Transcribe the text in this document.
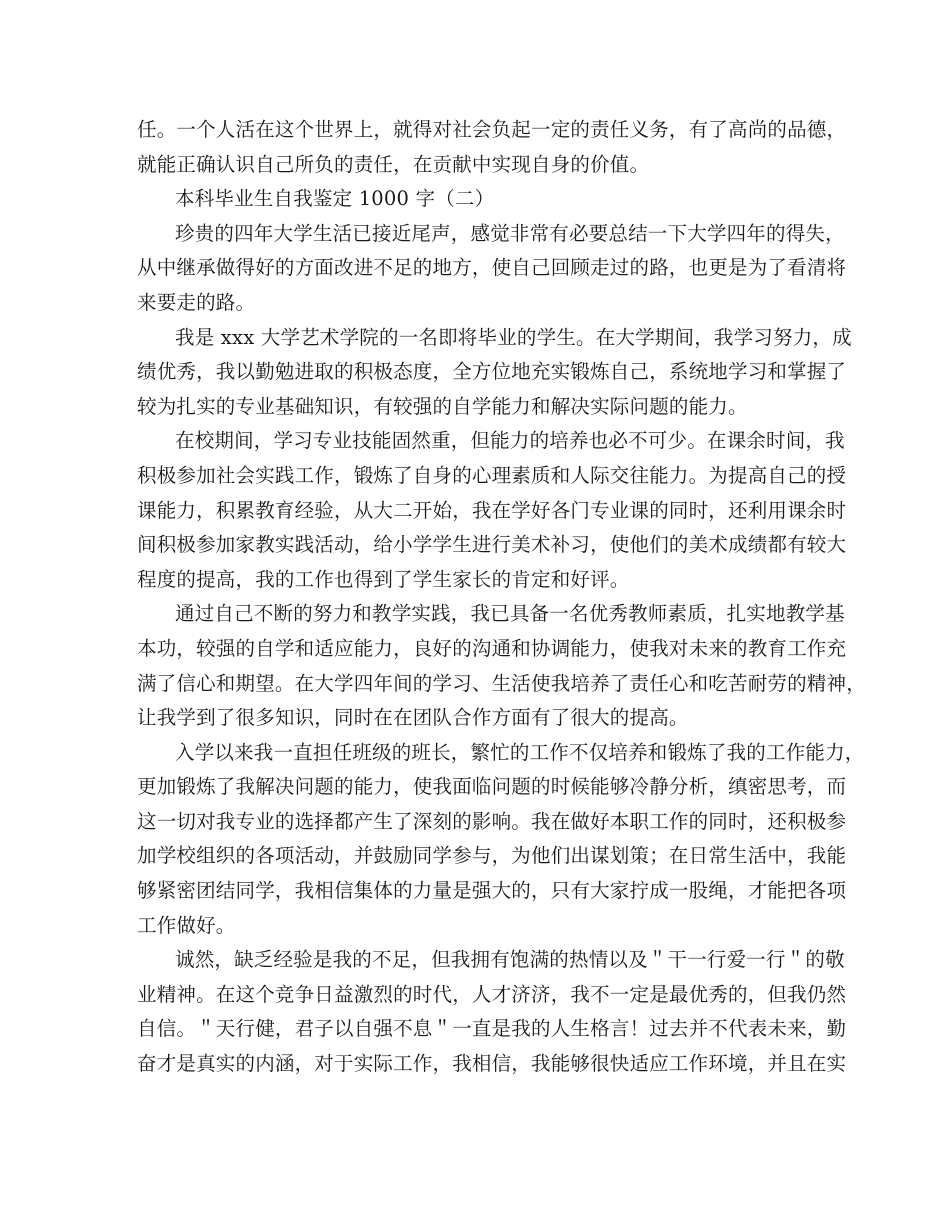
任。一个人活在这个世界上，就得对社会负起一定的责任义务，有了高尚的品德，
就能正确认识自己所负的责任，在贡献中实现自身的价值。
本科毕业生自我鉴定 1000 字（二）
珍贵的四年大学生活已接近尾声，感觉非常有必要总结一下大学四年的得失，
从中继承做得好的方面改进不足的地方，使自己回顾走过的路，也更是为了看清将
来要走的路。
我是 xxx 大学艺术学院的一名即将毕业的学生。在大学期间，我学习努力，成
绩优秀，我以勤勉进取的积极态度，全方位地充实锻炼自己，系统地学习和掌握了
较为扎实的专业基础知识，有较强的自学能力和解决实际问题的能力。
在校期间，学习专业技能固然重，但能力的培养也必不可少。在课余时间，我
积极参加社会实践工作，锻炼了自身的心理素质和人际交往能力。为提高自己的授
课能力，积累教育经验，从大二开始，我在学好各门专业课的同时，还利用课余时
间积极参加家教实践活动，给小学学生进行美术补习，使他们的美术成绩都有较大
程度的提高，我的工作也得到了学生家长的肯定和好评。
通过自己不断的努力和教学实践，我已具备一名优秀教师素质，扎实地教学基
本功，较强的自学和适应能力，良好的沟通和协调能力，使我对未来的教育工作充
满了信心和期望。在大学四年间的学习、生活使我培养了责任心和吃苦耐劳的精神，
让我学到了很多知识，同时在在团队合作方面有了很大的提高。
入学以来我一直担任班级的班长，繁忙的工作不仅培养和锻炼了我的工作能力，
更加锻炼了我解决问题的能力，使我面临问题的时候能够冷静分析，缜密思考，而
这一切对我专业的选择都产生了深刻的影响。我在做好本职工作的同时，还积极参
加学校组织的各项活动，并鼓励同学参与，为他们出谋划策；在日常生活中，我能
够紧密团结同学，我相信集体的力量是强大的，只有大家拧成一股绳，才能把各项
工作做好。
诚然，缺乏经验是我的不足，但我拥有饱满的热情以及＂干一行爱一行＂的敬
业精神。在这个竞争日益激烈的时代，人才济济，我不一定是最优秀的，但我仍然
自信。＂天行健，君子以自强不息＂一直是我的人生格言！过去并不代表未来，勤
奋才是真实的内涵，对于实际工作，我相信，我能够很快适应工作环境，并且在实
